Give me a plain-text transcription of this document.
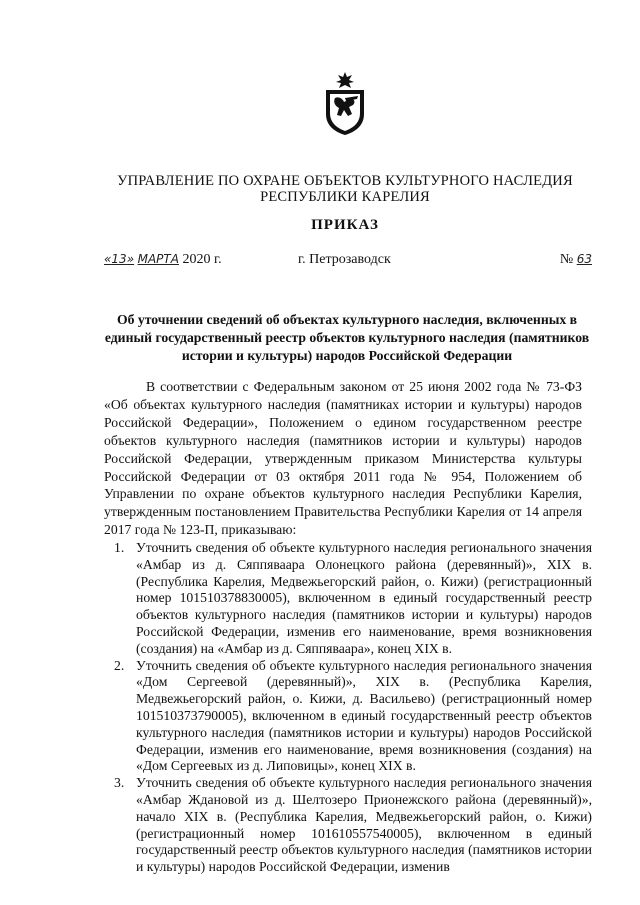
УПРАВЛЕНИЕ ПО ОХРАНЕ ОБЪЕКТОВ КУЛЬТУРНОГО НАСЛЕДИЯ
РЕСПУБЛИКИ КАРЕЛИЯ
ПРИКАЗ
«13» МАРТА 2020 г.	г. Петрозаводск	№ 63
Об уточнении сведений об объектах культурного наследия, включенных в единый государственный реестр объектов культурного наследия (памятников истории и культуры) народов Российской Федерации

В соответствии с Федеральным законом от 25 июня 2002 года № 73-ФЗ «Об объектах культурного наследия (памятниках истории и культуры) народов Российской Федерации», Положением о едином государственном реестре объектов культурного наследия (памятников истории и культуры) народов Российской Федерации, утвержденным приказом Министерства культуры Российской Федерации от 03 октября 2011 года № 954, Положением об Управлении по охране объектов культурного наследия Республики Карелия, утвержденным постановлением Правительства Республики Карелия от 14 апреля 2017 года № 123-П, приказываю:

1. Уточнить сведения об объекте культурного наследия регионального значения «Амбар из д. Сяппяваара Олонецкого района (деревянный)», XIX в. (Республика Карелия, Медвежьегорский район, о. Кижи) (регистрационный номер 101510378830005), включенном в единый государственный реестр объектов культурного наследия (памятников истории и культуры) народов Российской Федерации, изменив его наименование, время возникновения (создания) на «Амбар из д. Сяппяваара», конец XIX в.
2. Уточнить сведения об объекте культурного наследия регионального значения «Дом Сергеевой (деревянный)», XIX в. (Республика Карелия, Медвежьегорский район, о. Кижи, д. Васильево) (регистрационный номер 101510373790005), включенном в единый государственный реестр объектов культурного наследия (памятников истории и культуры) народов Российской Федерации, изменив его наименование, время возникновения (создания) на «Дом Сергеевых из д. Липовицы», конец XIX в.
3. Уточнить сведения об объекте культурного наследия регионального значения «Амбар Ждановой из д. Шелтозеро Прионежского района (деревянный)», начало XIX в. (Республика Карелия, Медвежьегорский район, о. Кижи) (регистрационный номер 101610557540005), включенном в единый государственный реестр объектов культурного наследия (памятников истории и культуры) народов Российской Федерации, изменив
